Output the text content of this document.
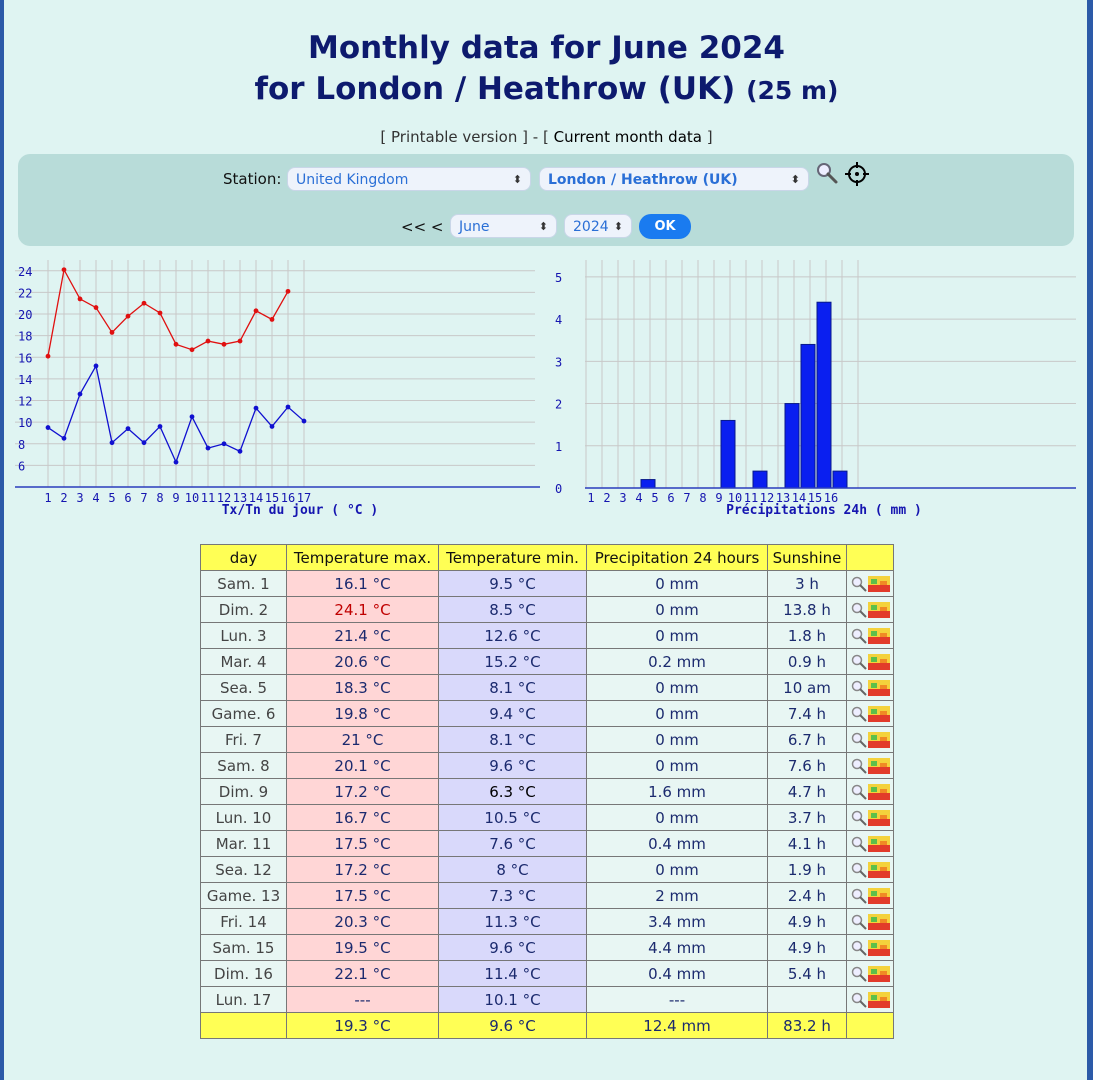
Monthly data for June 2024
for London / Heathrow (UK) (25 m)
[ Printable version ] - [ Current month data ]
Station:	United Kingdom	⬍	London / Heathrow (UK)	⬍
<< <	June	⬍	2024 ⬍	OK
6
8
10
12
14
16
18
20
22
24
1 2 3 4 5 6 7 8 9 10 11 12 13 14 15 16 17
Tx/Tn du jour ( °C )
0
1
2
3
4
5
1 2 3 4 5 6 7 8 9 10 11 12 13 14 15 16
Précipitations 24h ( mm )
day	Temperature max.	Temperature min.	Precipitation 24 hours	Sunshine	
Sam. 1	16.1 °C	9.5 °C	0 mm	3 h	
Dim. 2	24.1 °C	8.5 °C	0 mm	13.8 h	
Lun. 3	21.4 °C	12.6 °C	0 mm	1.8 h	
Mar. 4	20.6 °C	15.2 °C	0.2 mm	0.9 h	
Sea. 5	18.3 °C	8.1 °C	0 mm	10 am	
Game. 6	19.8 °C	9.4 °C	0 mm	7.4 h	
Fri. 7	21 °C	8.1 °C	0 mm	6.7 h	
Sam. 8	20.1 °C	9.6 °C	0 mm	7.6 h	
Dim. 9	17.2 °C	6.3 °C	1.6 mm	4.7 h	
Lun. 10	16.7 °C	10.5 °C	0 mm	3.7 h	
Mar. 11	17.5 °C	7.6 °C	0.4 mm	4.1 h	
Sea. 12	17.2 °C	8 °C	0 mm	1.9 h	
Game. 13	17.5 °C	7.3 °C	2 mm	2.4 h	
Fri. 14	20.3 °C	11.3 °C	3.4 mm	4.9 h	
Sam. 15	19.5 °C	9.6 °C	4.4 mm	4.9 h	
Dim. 16	22.1 °C	11.4 °C	0.4 mm	5.4 h	
Lun. 17	---	10.1 °C	---		
	19.3 °C	9.6 °C	12.4 mm	83.2 h	
